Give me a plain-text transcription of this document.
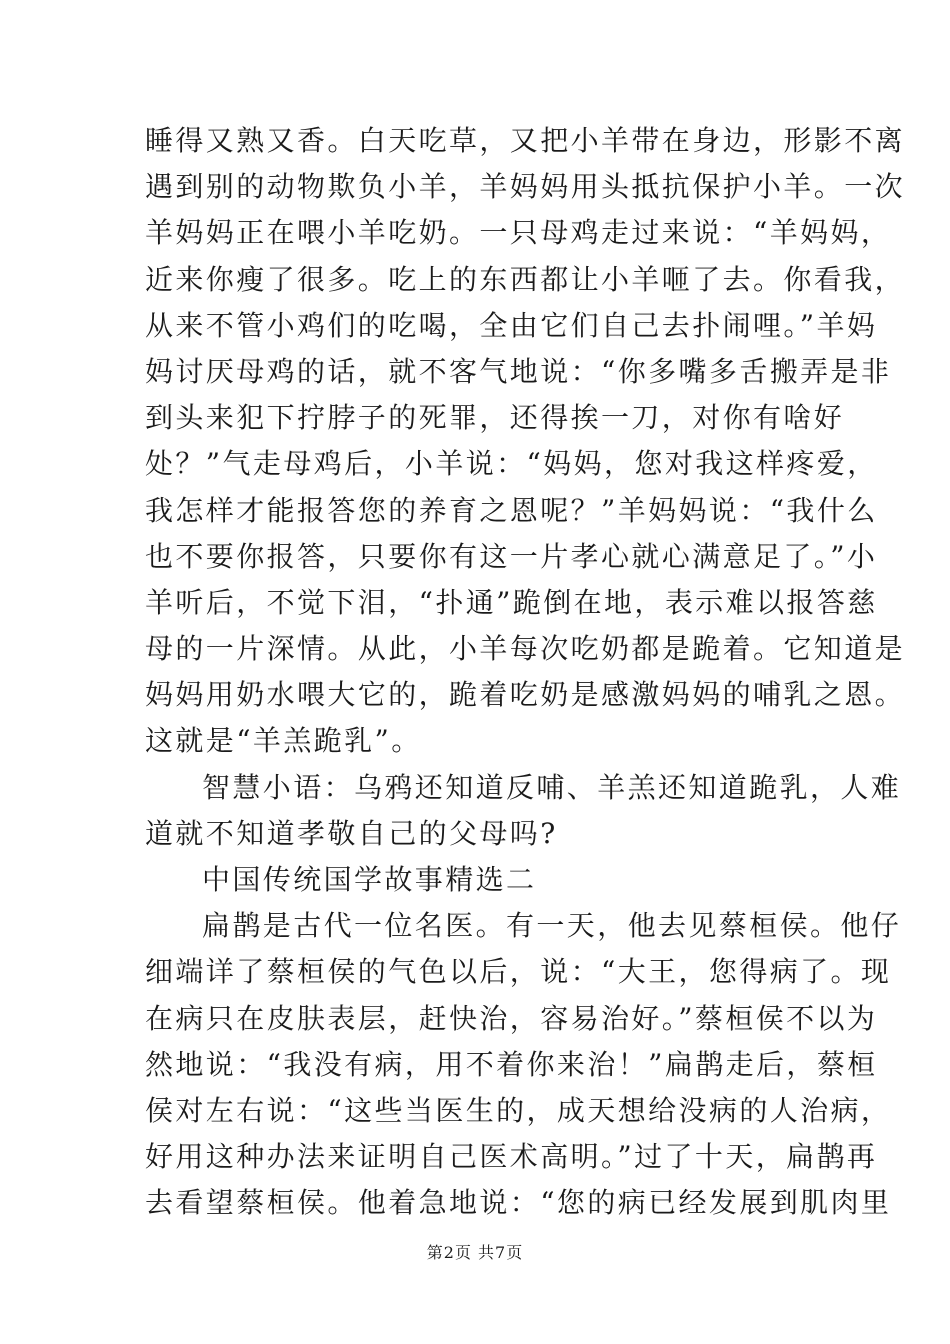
睡得又熟又香。白天吃草，又把小羊带在身边，形影不离
遇到别的动物欺负小羊，羊妈妈用头抵抗保护小羊。一次
羊妈妈正在喂小羊吃奶。一只母鸡走过来说：“羊妈妈，
近来你瘦了很多。吃上的东西都让小羊咂了去。你看我，
从来不管小鸡们的吃喝，全由它们自己去扑闹哩。”羊妈
妈讨厌母鸡的话，就不客气地说：“你多嘴多舌搬弄是非
到头来犯下拧脖子的死罪，还得挨一刀，对你有啥好
处？”气走母鸡后，小羊说：“妈妈，您对我这样疼爱，
我怎样才能报答您的养育之恩呢？”羊妈妈说：“我什么
也不要你报答，只要你有这一片孝心就心满意足了。”小
羊听后，不觉下泪，“扑通”跪倒在地，表示难以报答慈
母的一片深情。从此，小羊每次吃奶都是跪着。它知道是
妈妈用奶水喂大它的，跪着吃奶是感激妈妈的哺乳之恩。
这就是“羊羔跪乳”。
智慧小语：乌鸦还知道反哺、羊羔还知道跪乳，人难
道就不知道孝敬自己的父母吗?
中国传统国学故事精选二
扁鹊是古代一位名医。有一天，他去见蔡桓侯。他仔
细端详了蔡桓侯的气色以后，说：“大王，您得病了。现
在病只在皮肤表层，赶快治，容易治好。”蔡桓侯不以为
然地说：“我没有病，用不着你来治！”扁鹊走后，蔡桓
侯对左右说：“这些当医生的，成天想给没病的人治病，
好用这种办法来证明自己医术高明。”过了十天，扁鹊再
去看望蔡桓侯。他着急地说：“您的病已经发展到肌肉里
第2页 共7页
